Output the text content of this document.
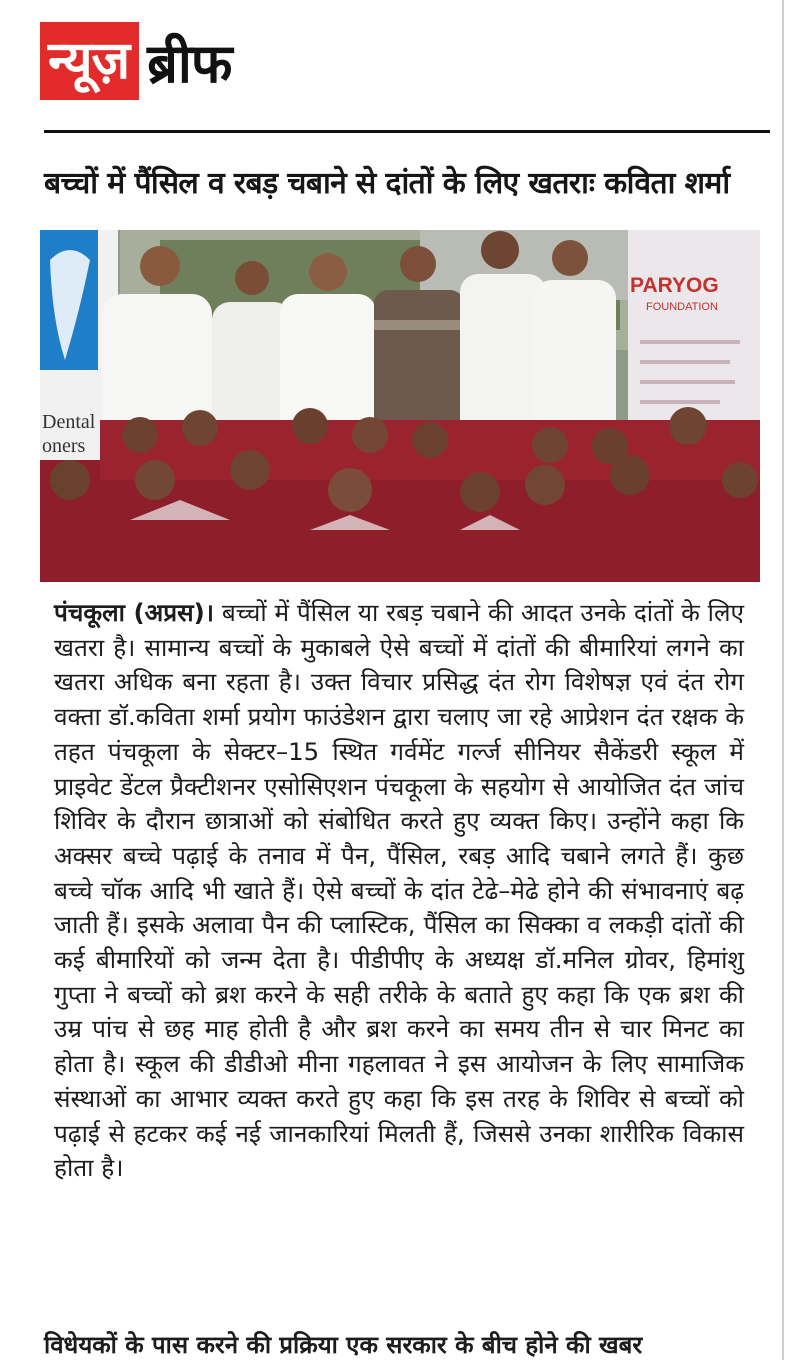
न्यूज़ ब्रीफ
बच्चों में पैंसिल व रबड़ चबाने से दांतों के लिए खतराः कविता शर्मा
Dental
oners
PARYOG
FOUNDATION
पंचकूला (अप्रस)। बच्चों में पैंसिल या रबड़ चबाने की आदत उनके दांतों के लिए खतरा है। सामान्य बच्चों के मुकाबले ऐसे बच्चों में दांतों की बीमारियां लगने का खतरा अधिक बना रहता है। उक्त विचार प्रसिद्ध दंत रोग विशेषज्ञ एवं दंत रोग वक्ता डॉ.कविता शर्मा प्रयोग फाउंडेशन द्वारा चलाए जा रहे आप्रेशन दंत रक्षक के तहत पंचकूला के सेक्टर–15 स्थित गर्वमेंट गर्ल्ज सीनियर सैकेंडरी स्कूल में प्राइवेट डेंटल प्रैक्टीशनर एसोसिएशन पंचकूला के सहयोग से आयोजित दंत जांच शिविर के दौरान छात्राओं को संबोधित करते हुए व्यक्त किए। उन्होंने कहा कि अक्सर बच्चे पढ़ाई के तनाव में पैन, पैंसिल, रबड़ आदि चबाने लगते हैं। कुछ बच्चे चॉक आदि भी खाते हैं। ऐसे बच्चों के दांत टेढे–मेढे होने की संभावनाएं बढ़ जाती हैं। इसके अलावा पैन की प्लास्टिक, पैंसिल का सिक्का व लकड़ी दांतों की कई बीमारियों को जन्म देता है। पीडीपीए के अध्यक्ष डॉ.मनिल ग्रोवर, हिमांशु गुप्ता ने बच्चों को ब्रश करने के सही तरीके के बताते हुए कहा कि एक ब्रश की उम्र पांच से छह माह होती है और ब्रश करने का समय तीन से चार मिनट का होता है। स्कूल की डीडीओ मीना गहलावत ने इस आयोजन के लिए सामाजिक संस्थाओं का आभार व्यक्त करते हुए कहा कि इस तरह के शिविर से बच्चों को पढ़ाई से हटकर कई नई जानकारियां मिलती हैं, जिससे उनका शारीरिक विकास होता है।
विधेयकों के पास करने की प्रक्रिया एक सरकार के बीच होने की खबर
